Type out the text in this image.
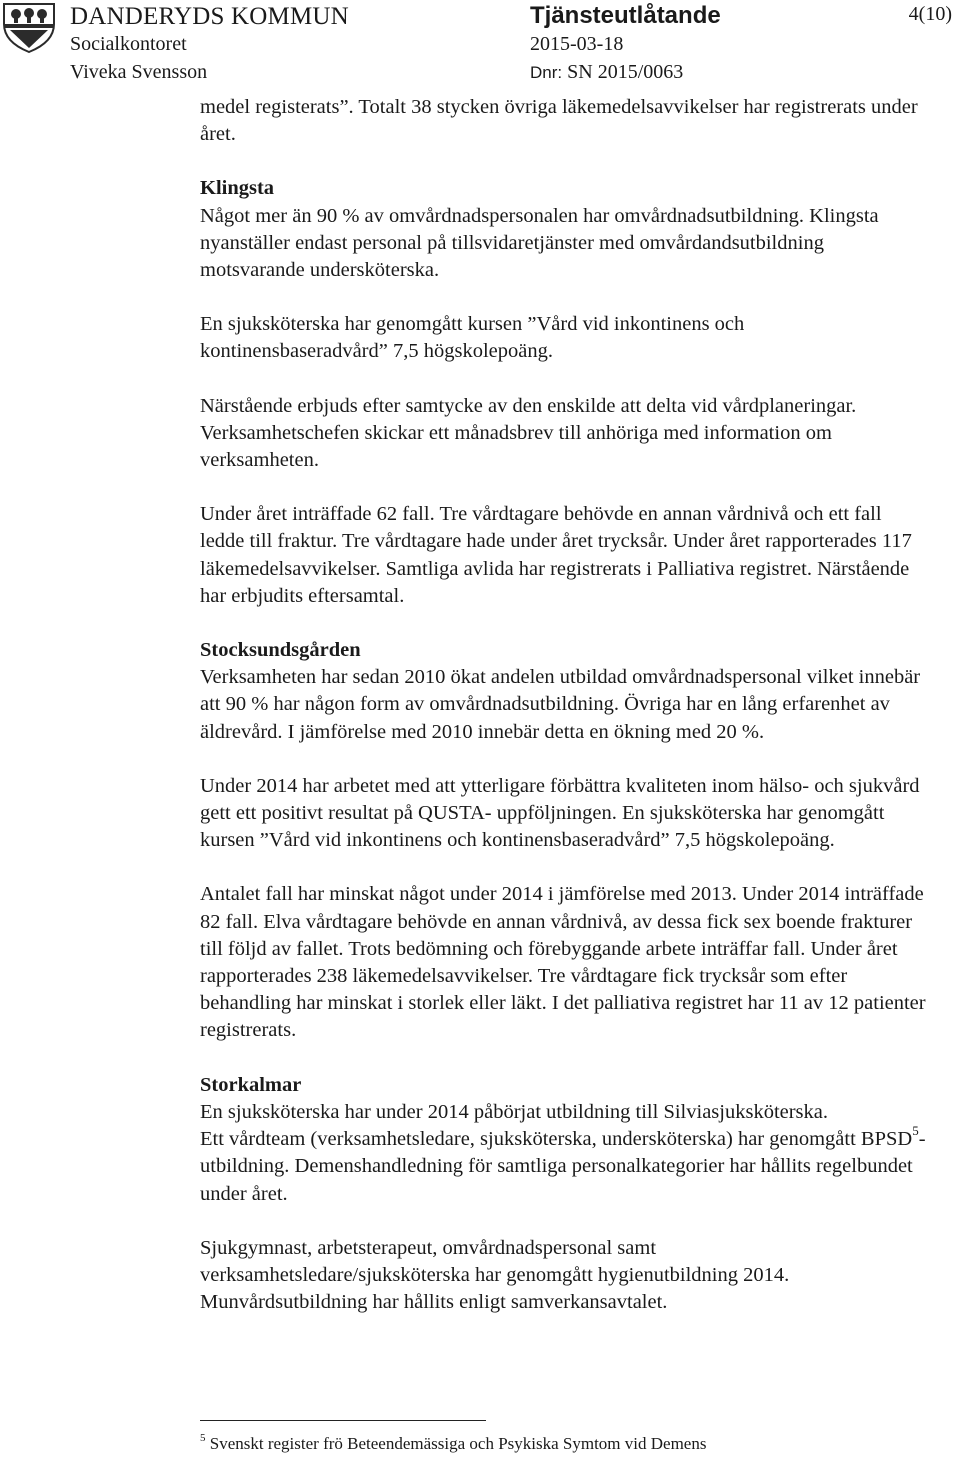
DANDERYDS KOMMUN
Socialkontoret
Viveka Svensson
Tjänsteutlåtande
2015-03-18
Dnr: SN 2015/0063
4(10)

medel registerats”. Totalt 38 stycken övriga läkemedelsavvikelser har registrerats under året.

Klingsta

Något mer än 90 % av omvårdnadspersonalen har omvårdnadsutbildning. Klingsta nyanställer endast personal på tillsvidaretjänster med omvårdandsutbildning motsvarande undersköterska.

En sjuksköterska har genomgått kursen ”Vård vid inkontinens och kontinensbaseradvård” 7,5 högskolepoäng.

Närstående erbjuds efter samtycke av den enskilde att delta vid vårdplaneringar. Verksamhetschefen skickar ett månadsbrev till anhöriga med information om verksamheten.

Under året inträffade 62 fall. Tre vårdtagare behövde en annan vårdnivå och ett fall ledde till fraktur. Tre vårdtagare hade under året trycksår. Under året rapporterades 117 läkemedelsavvikelser. Samtliga avlida har registrerats i Palliativa registret. Närstående har erbjudits eftersamtal.

Stocksundsgården

Verksamheten har sedan 2010 ökat andelen utbildad omvårdnadspersonal vilket innebär att 90 % har någon form av omvårdnadsutbildning. Övriga har en lång erfarenhet av äldrevård. I jämförelse med 2010 innebär detta en ökning med 20 %.

Under 2014 har arbetet med att ytterligare förbättra kvaliteten inom hälso- och sjukvård gett ett positivt resultat på QUSTA- uppföljningen. En sjuksköterska har genomgått kursen ”Vård vid inkontinens och kontinensbaseradvård” 7,5 högskolepoäng.

Antalet fall har minskat något under 2014 i jämförelse med 2013. Under 2014 inträffade 82 fall. Elva vårdtagare behövde en annan vårdnivå, av dessa fick sex boende frakturer till följd av fallet. Trots bedömning och förebyggande arbete inträffar fall. Under året rapporterades 238 läkemedelsavvikelser. Tre vårdtagare fick trycksår som efter behandling har minskat i storlek eller läkt. I det palliativa registret har 11 av 12 patienter registrerats.

Storkalmar

En sjuksköterska har under 2014 påbörjat utbildning till Silviasjuksköterska.

Ett vårdteam (verksamhetsledare, sjuksköterska, undersköterska) har genomgått BPSD$^5$-utbildning. Demenshandledning för samtliga personalkategorier har hållits regelbundet under året.

Sjukgymnast, arbetsterapeut, omvårdnadspersonal samt verksamhetsledare/sjuksköterska har genomgått hygienutbildning 2014. Munvårdsutbildning har hållits enligt samverkansavtalet.

$^5$ Svenskt register frö Beteendemässiga och Psykiska Symtom vid Demens
